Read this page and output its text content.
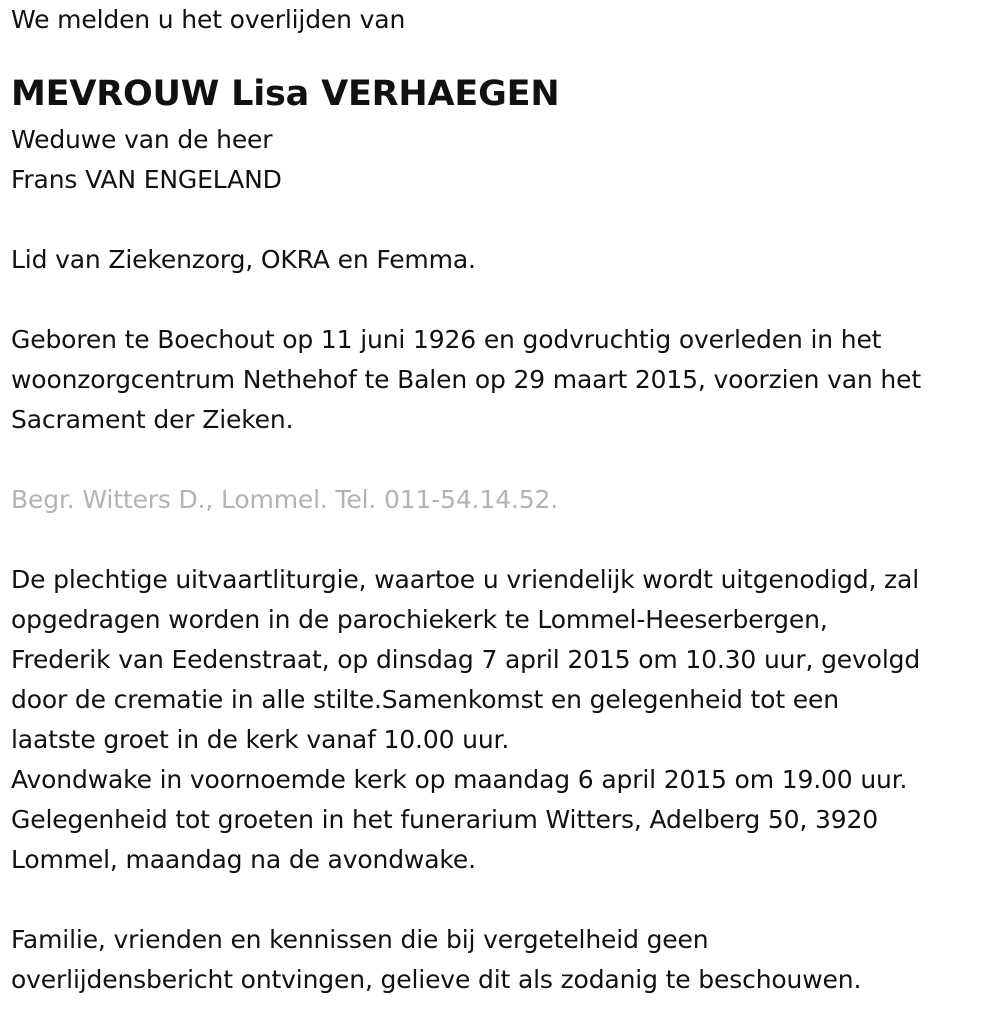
We melden u het overlijden van
MEVROUW Lisa VERHAEGEN
Weduwe van de heer
Frans VAN ENGELAND
Lid van Ziekenzorg, OKRA en Femma.
Geboren te Boechout op 11 juni 1926 en godvruchtig overleden in het
woonzorgcentrum Nethehof te Balen op 29 maart 2015, voorzien van het
Sacrament der Zieken.
Begr. Witters D., Lommel. Tel. 011-54.14.52.
De plechtige uitvaartliturgie, waartoe u vriendelijk wordt uitgenodigd, zal
opgedragen worden in de parochiekerk te Lommel-Heeserbergen,
Frederik van Eedenstraat, op dinsdag 7 april 2015 om 10.30 uur, gevolgd
door de crematie in alle stilte.Samenkomst en gelegenheid tot een
laatste groet in de kerk vanaf 10.00 uur.
Avondwake in voornoemde kerk op maandag 6 april 2015 om 19.00 uur.
Gelegenheid tot groeten in het funerarium Witters, Adelberg 50, 3920
Lommel, maandag na de avondwake.
Familie, vrienden en kennissen die bij vergetelheid geen
overlijdensbericht ontvingen, gelieve dit als zodanig te beschouwen.
